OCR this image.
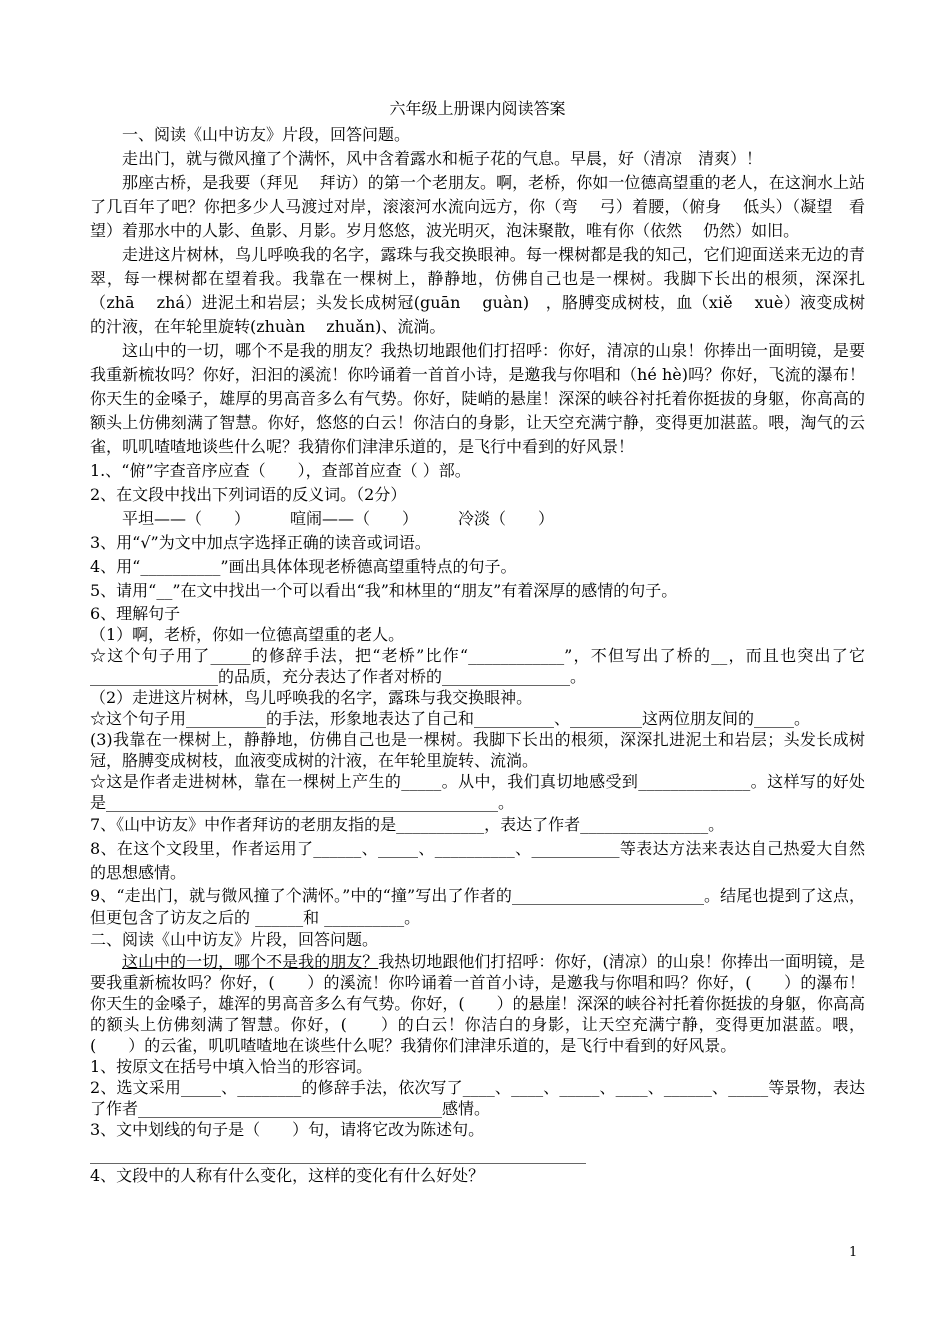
六年级上册课内阅读答案

一、阅读《山中访友》片段，回答问题。

走出门，就与微风撞了个满怀，风中含着露水和栀子花的气息。早晨，好（清凉　清爽）！

那座古桥，是我要（拜见　 拜访）的第一个老朋友。啊，老桥，你如一位德高望重的老人，在这涧水上站了几百年了吧？你把多少人马渡过对岸，滚滚河水流向远方，你（弯　 弓）着腰，（俯身　 低头）（凝望　看望）着那水中的人影、鱼影、月影。岁月悠悠，波光明灭，泡沫聚散，唯有你（依然　 仍然）如旧。

走进这片树林，鸟儿呼唤我的名字，露珠与我交换眼神。每一棵树都是我的知己，它们迎面送来无边的青翠，每一棵树都在望着我。我靠在一棵树上，静静地，仿佛自己也是一棵树。我脚下长出的根须，深深扎（zhā　 zhá）进泥土和岩层；头发长成树冠(guān　 guàn)　，胳膊变成树枝，血（xiě　 xuè）液变成树的汁液，在年轮里旋转(zhuàn　 zhuǎn)、流淌。

这山中的一切，哪个不是我的朋友？我热切地跟他们打招呼：你好，清凉的山泉！你捧出一面明镜，是要我重新梳妆吗？你好，汩汩的溪流！你吟诵着一首首小诗，是邀我与你唱和（hé hè)吗？你好，飞流的瀑布！你天生的金嗓子，雄厚的男高音多么有气势。你好，陡峭的悬崖！深深的峡谷衬托着你挺拔的身躯，你高高的额头上仿佛刻满了智慧。你好，悠悠的白云！你洁白的身影，让天空充满宁静，变得更加湛蓝。喂，淘气的云雀，叽叽喳喳地谈些什么呢？我猜你们津津乐道的，是飞行中看到的好风景！

1.、“俯”字查音序应查（　　），查部首应查（ ）部。

2、在文段中找出下列词语的反义词。（2分）

平坦——（　　）　　　喧闹——（　　）　　　冷淡（　　）

3、用“√”为文中加点字选择正确的读音或词语。

4、用“__________”画出具体体现老桥德高望重特点的句子。

5、请用“__”在文中找出一个可以看出“我”和林里的“朋友”有着深厚的感情的句子。

6、理解句子

（1）啊，老桥，你如一位德高望重的老人。

☆这个句子用了_____的修辞手法，把“老桥”比作“____________”，不但写出了桥的__，而且也突出了它________________的品质，充分表达了作者对桥的________________。

（2）走进这片树林，鸟儿呼唤我的名字，露珠与我交换眼神。

☆这个句子用__________的手法，形象地表达了自己和__________、_________这两位朋友间的_____。

(3)我靠在一棵树上，静静地，仿佛自己也是一棵树。我脚下长出的根须，深深扎进泥土和岩层；头发长成树冠，胳膊变成树枝，血液变成树的汁液，在年轮里旋转、流淌。

☆这是作者走进树林，靠在一棵树上产生的_____。从中，我们真切地感受到______________。这样写的好处是_________________________________________________。

7、《山中访友》中作者拜访的老朋友指的是___________，表达了作者________________。

8、在这个文段里，作者运用了______、_____、__________、___________等表达方法来表达自己热爱大自然的思想感情。

9、“走出门，就与微风撞了个满怀。”中的“撞”写出了作者的________________________。结尾也提到了这点，但更包含了访友之后的 ______和 __________。

二、阅读《山中访友》片段，回答问题。

这山中的一切，哪个不是我的朋友？我热切地跟他们打招呼：你好，(清凉）的山泉！你捧出一面明镜，是要我重新梳妆吗？你好，(　　）的溪流！你吟诵着一首首小诗，是邀我与你唱和吗？你好，(　　）的瀑布！你天生的金嗓子，雄浑的男高音多么有气势。你好，(　　）的悬崖！深深的峡谷衬托着你挺拔的身躯，你高高的额头上仿佛刻满了智慧。你好，(　　）的白云！你洁白的身影，让天空充满宁静，变得更加湛蓝。喂，(　　）的云雀，叽叽喳喳地在谈些什么呢？我猜你们津津乐道的，是飞行中看到的好风景。

1、按原文在括号中填入恰当的形容词。

2、选文采用_____、________的修辞手法，依次写了____、____、_____、____、______、_____等景物，表达了作者______________________________________感情。

3、文中划线的句子是（　　）句，请将它改为陈述句。

______________________________________________________________

4、文段中的人称有什么变化，这样的变化有什么好处？

1
